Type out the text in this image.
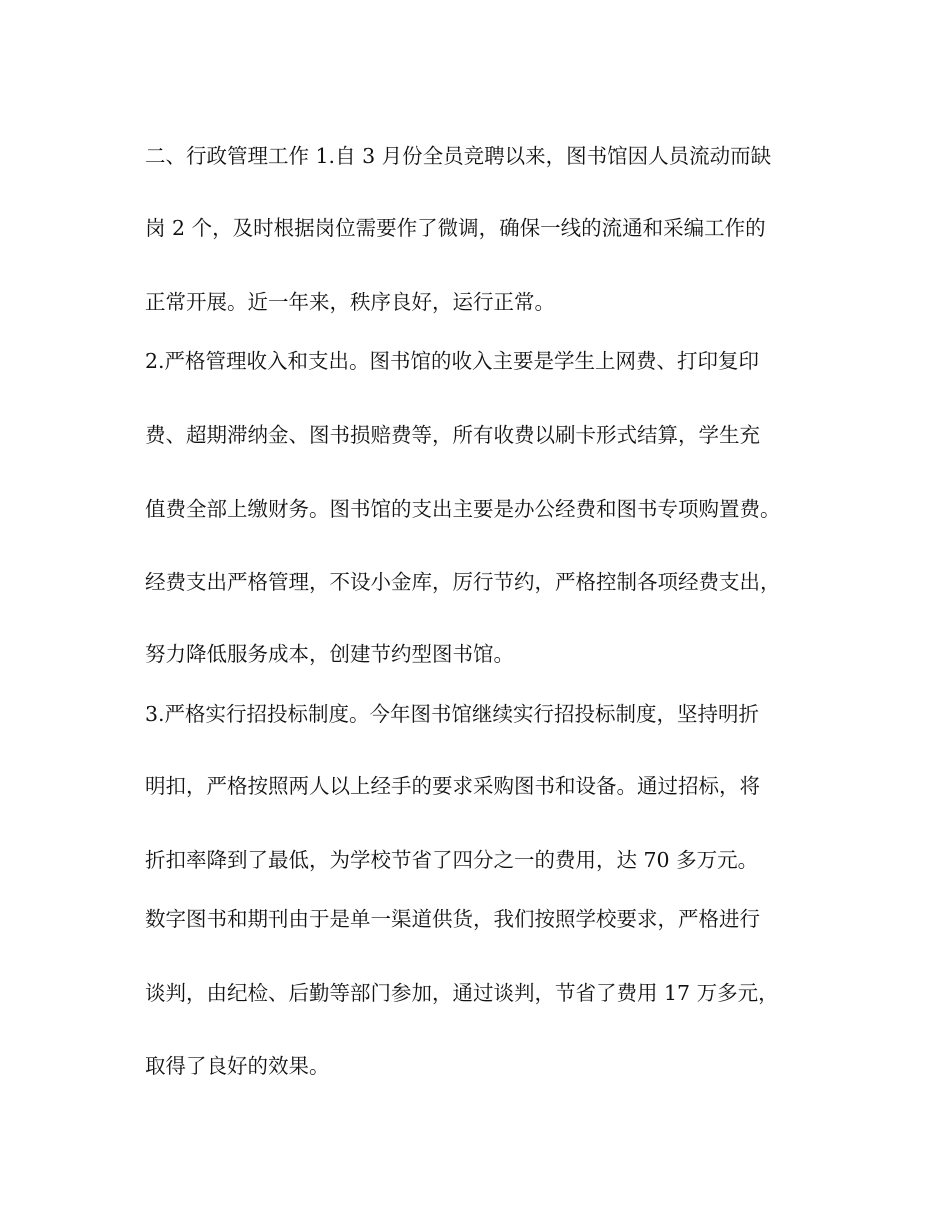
二、行政管理工作 1.自 3 月份全员竞聘以来，图书馆因人员流动而缺
岗 2 个，及时根据岗位需要作了微调，确保一线的流通和采编工作的
正常开展。近一年来，秩序良好，运行正常。
2.严格管理收入和支出。图书馆的收入主要是学生上网费、打印复印
费、超期滞纳金、图书损赔费等，所有收费以刷卡形式结算，学生充
值费全部上缴财务。图书馆的支出主要是办公经费和图书专项购置费。
经费支出严格管理，不设小金库，厉行节约，严格控制各项经费支出，
努力降低服务成本，创建节约型图书馆。
3.严格实行招投标制度。今年图书馆继续实行招投标制度，坚持明折
明扣，严格按照两人以上经手的要求采购图书和设备。通过招标，将
折扣率降到了最低，为学校节省了四分之一的费用，达 70 多万元。
数字图书和期刊由于是单一渠道供货，我们按照学校要求，严格进行
谈判，由纪检、后勤等部门参加，通过谈判，节省了费用 17 万多元，
取得了良好的效果。
